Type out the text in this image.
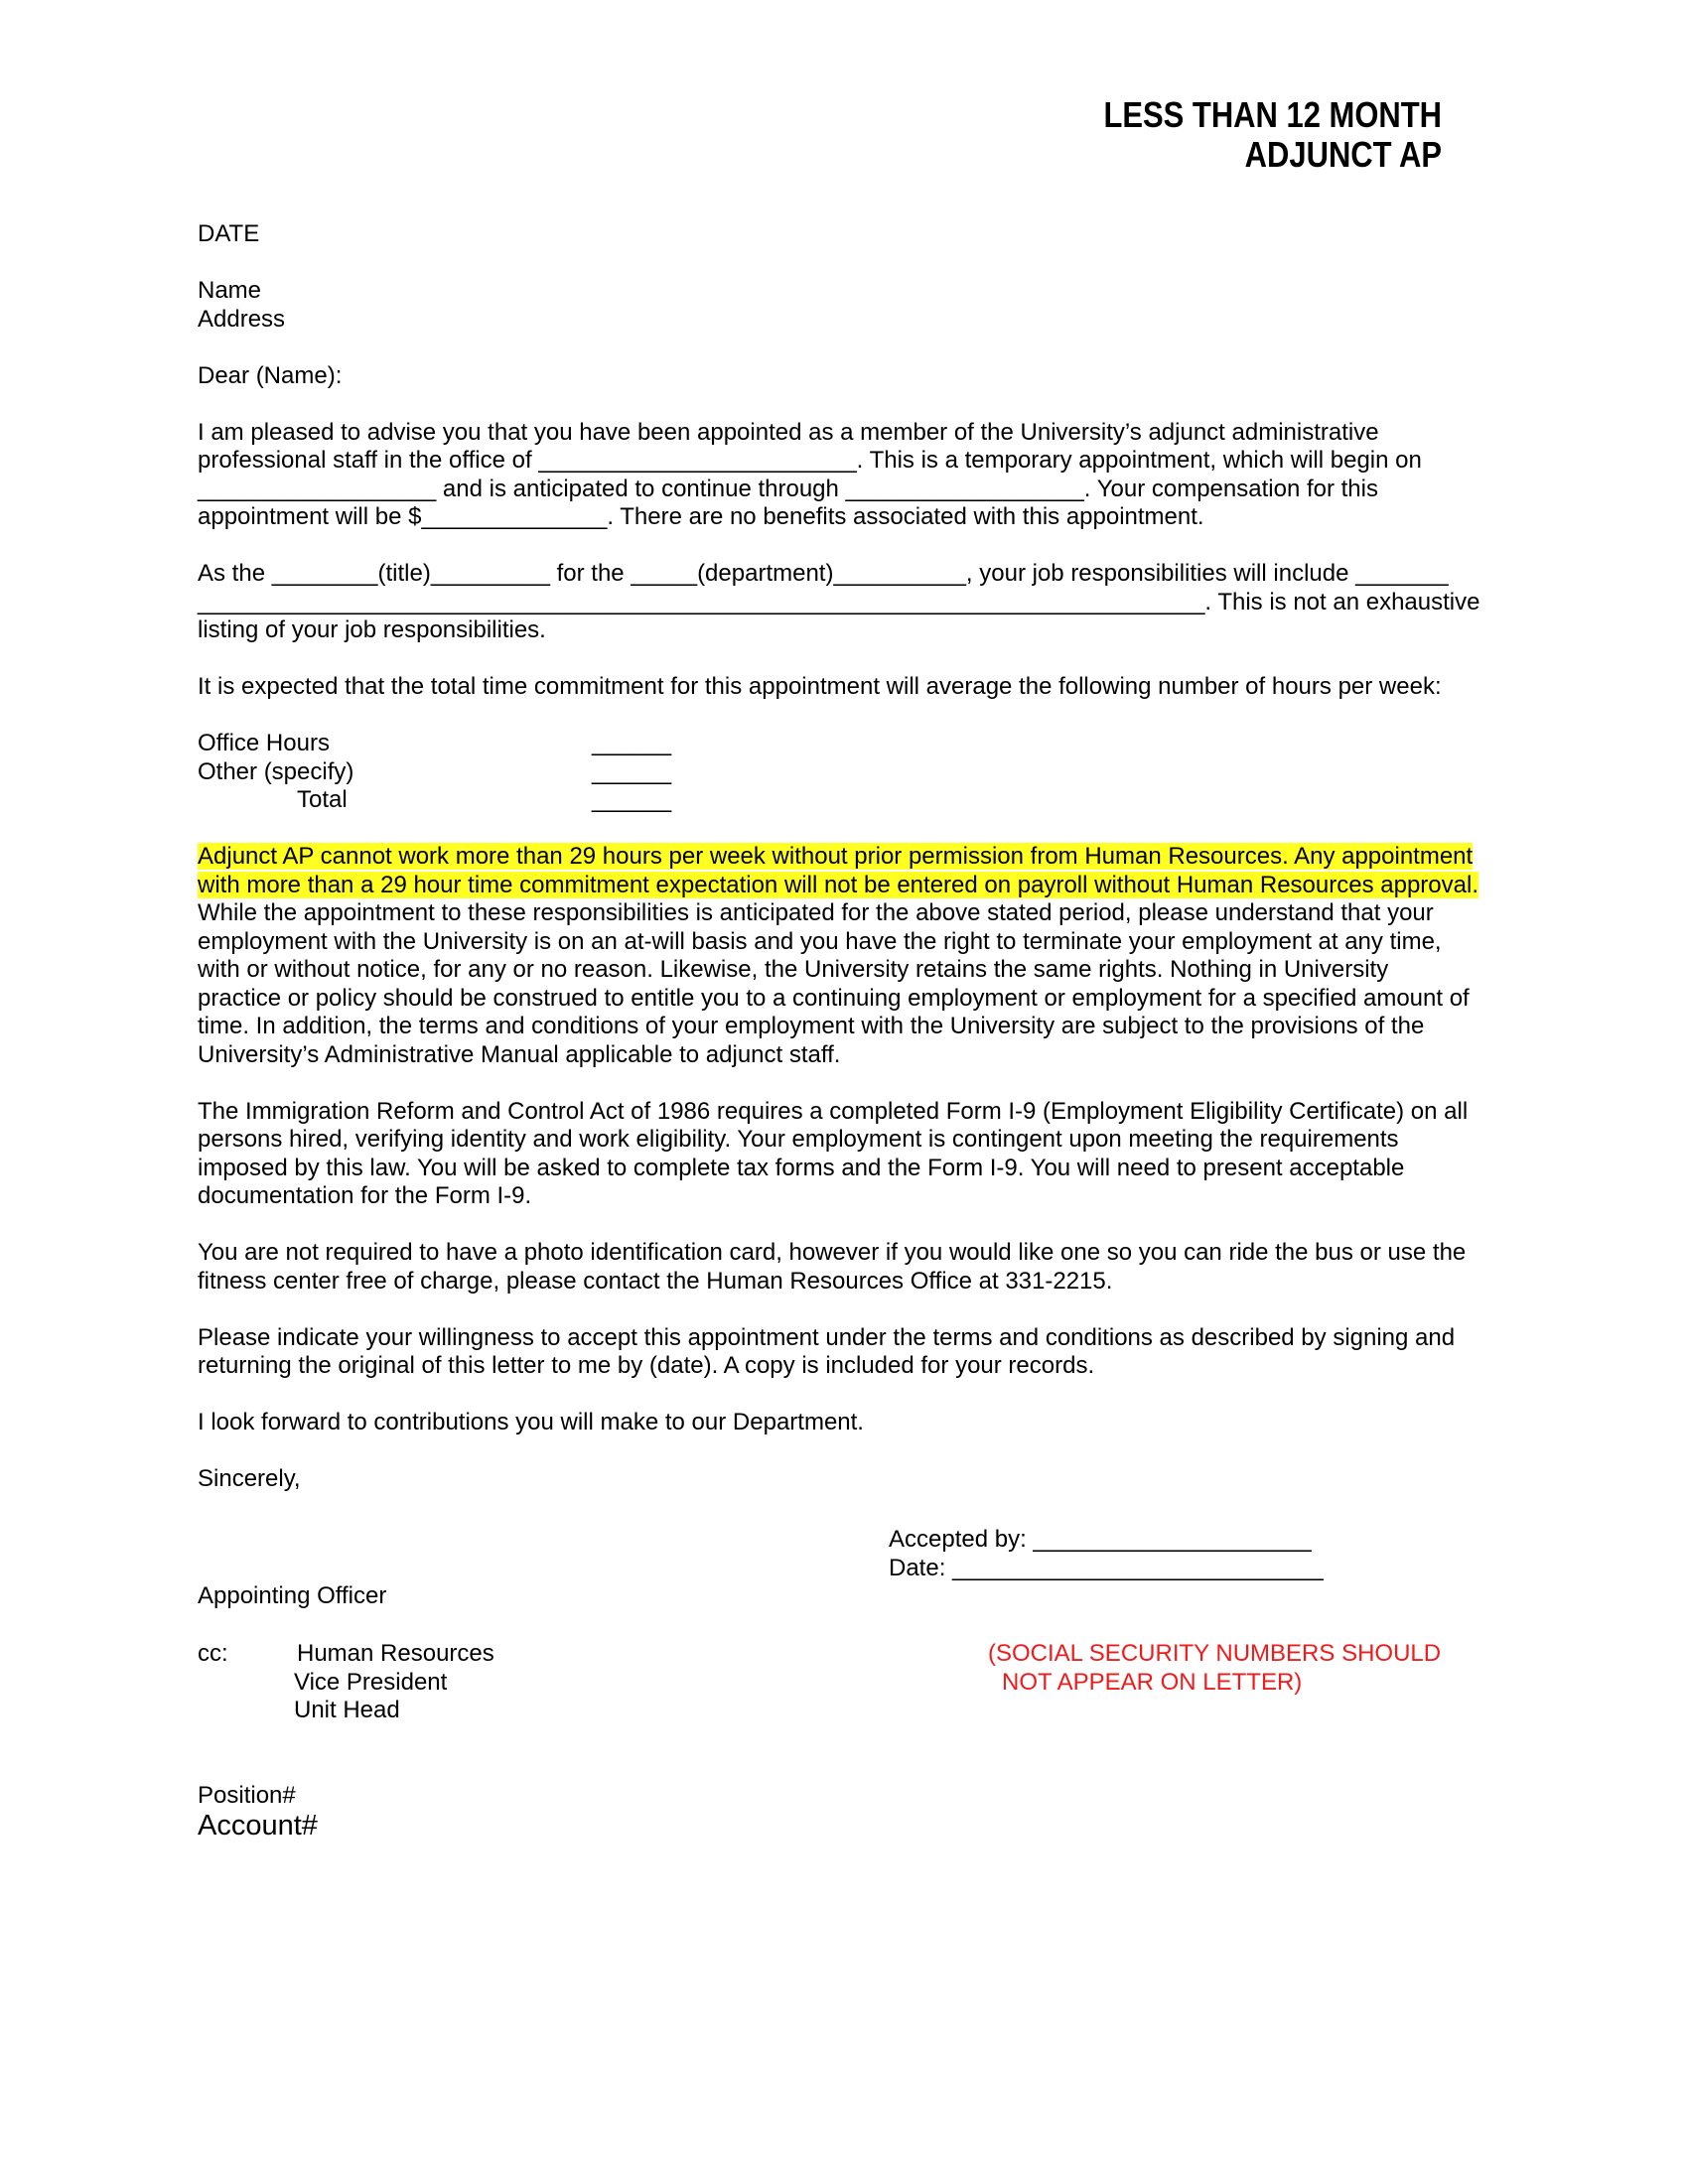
LESS THAN 12 MONTH
ADJUNCT AP

DATE

Name

Address

Dear (Name):

I am pleased to advise you that you have been appointed as a member of the University’s adjunct administrative

professional staff in the office of ________________________. This is a temporary appointment, which will begin on

__________________ and is anticipated to continue through __________________. Your compensation for this

appointment will be $______________. There are no benefits associated with this appointment.

As the ________(title)_________ for the _____(department)__________, your job responsibilities will include _______

____________________________________________________________________________. This is not an exhaustive

listing of your job responsibilities.

It is expected that the total time commitment for this appointment will average the following number of hours per week:

Office Hours	______
Other (specify)	______
Total	______

Adjunct AP cannot work more than 29 hours per week without prior permission from Human Resources. Any appointment

with more than a 29 hour time commitment expectation will not be entered on payroll without Human Resources approval.

While the appointment to these responsibilities is anticipated for the above stated period, please understand that your

employment with the University is on an at-will basis and you have the right to terminate your employment at any time,

with or without notice, for any or no reason. Likewise, the University retains the same rights. Nothing in University

practice or policy should be construed to entitle you to a continuing employment or employment for a specified amount of

time. In addition, the terms and conditions of your employment with the University are subject to the provisions of the

University’s Administrative Manual applicable to adjunct staff.

The Immigration Reform and Control Act of 1986 requires a completed Form I-9 (Employment Eligibility Certificate) on all

persons hired, verifying identity and work eligibility. Your employment is contingent upon meeting the requirements

imposed by this law. You will be asked to complete tax forms and the Form I-9. You will need to present acceptable

documentation for the Form I-9.

You are not required to have a photo identification card, however if you would like one so you can ride the bus or use the

fitness center free of charge, please contact the Human Resources Office at 331-2215.

Please indicate your willingness to accept this appointment under the terms and conditions as described by signing and

returning the original of this letter to me by (date). A copy is included for your records.

I look forward to contributions you will make to our Department.

Sincerely,

Accepted by: _____________________
Date: ____________________________
Appointing Officer
cc:	Human Resources
Vice President
Unit Head
(SOCIAL SECURITY NUMBERS SHOULD
NOT APPEAR ON LETTER)
Position#
Account#
